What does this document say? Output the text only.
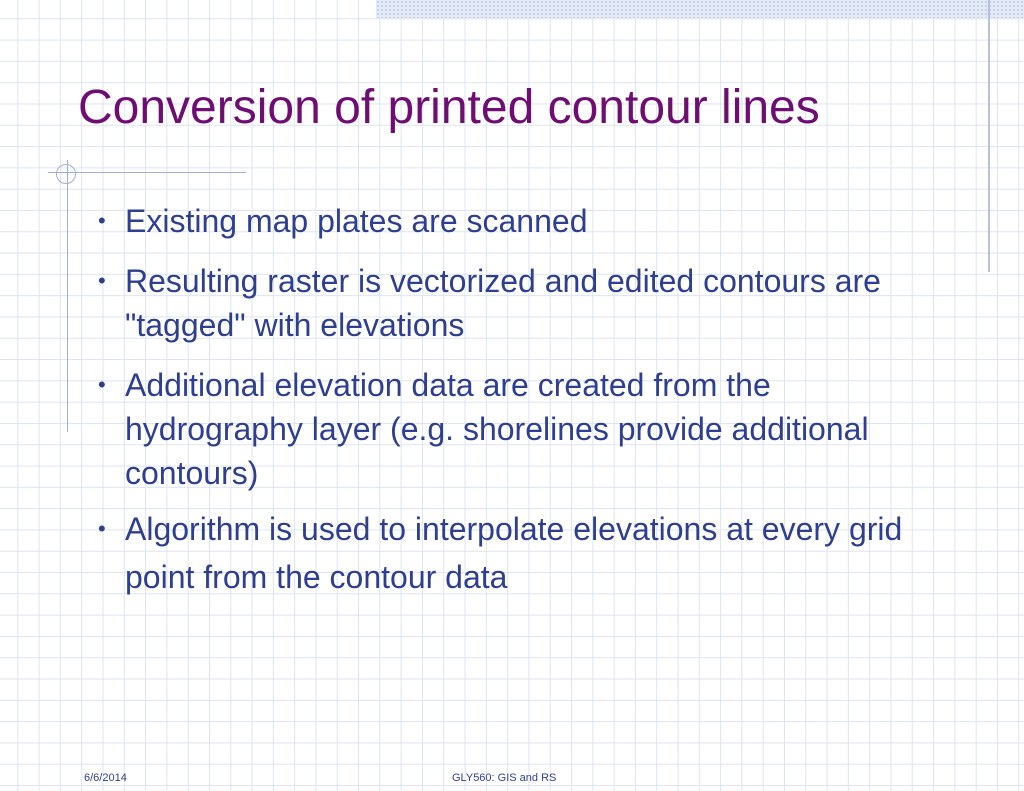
Conversion of printed contour lines
• Existing map plates are scanned
• Resulting raster is vectorized and edited contours are "tagged" with elevations
• Additional elevation data are created from the hydrography layer (e.g. shorelines provide additional contours)
• Algorithm is used to interpolate elevations at every grid point from the contour data
6/6/2014	GLY560: GIS and RS
